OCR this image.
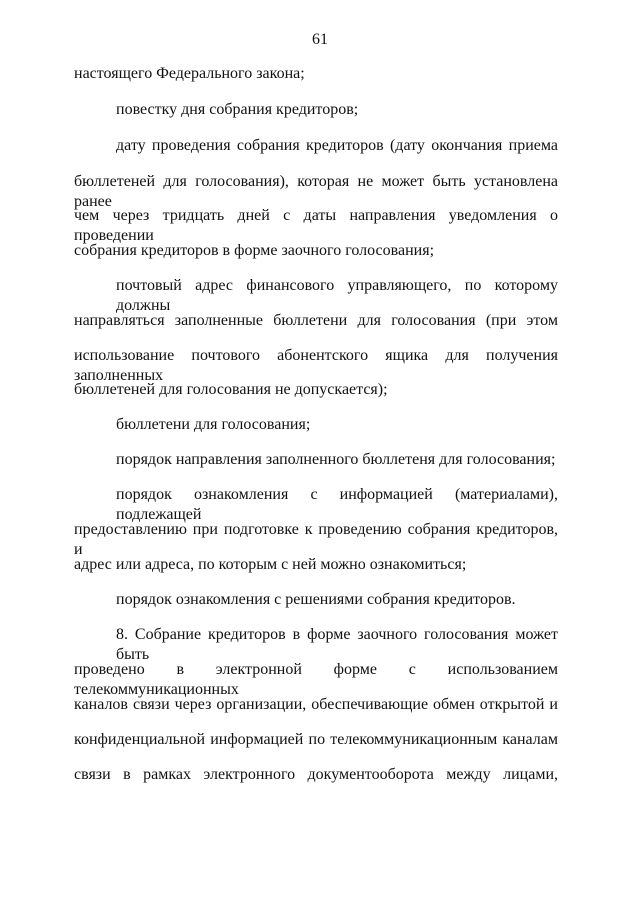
61
настоящего Федерального закона;
повестку дня собрания кредиторов;
дату проведения собрания кредиторов (дату окончания приема
бюллетеней для голосования), которая не может быть установлена ранее
чем через тридцать дней с даты направления уведомления о проведении
собрания кредиторов в форме заочного голосования;
почтовый адрес финансового управляющего, по которому должны
направляться заполненные бюллетени для голосования (при этом
использование почтового абонентского ящика для получения заполненных
бюллетеней для голосования не допускается);
бюллетени для голосования;
порядок направления заполненного бюллетеня для голосования;
порядок ознакомления с информацией (материалами), подлежащей
предоставлению при подготовке к проведению собрания кредиторов, и
адрес или адреса, по которым с ней можно ознакомиться;
порядок ознакомления с решениями собрания кредиторов.
8. Собрание кредиторов в форме заочного голосования может быть
проведено в электронной форме с использованием телекоммуникационных
каналов связи через организации, обеспечивающие обмен открытой и
конфиденциальной информацией по телекоммуникационным каналам
связи в рамках электронного документооборота между лицами,
